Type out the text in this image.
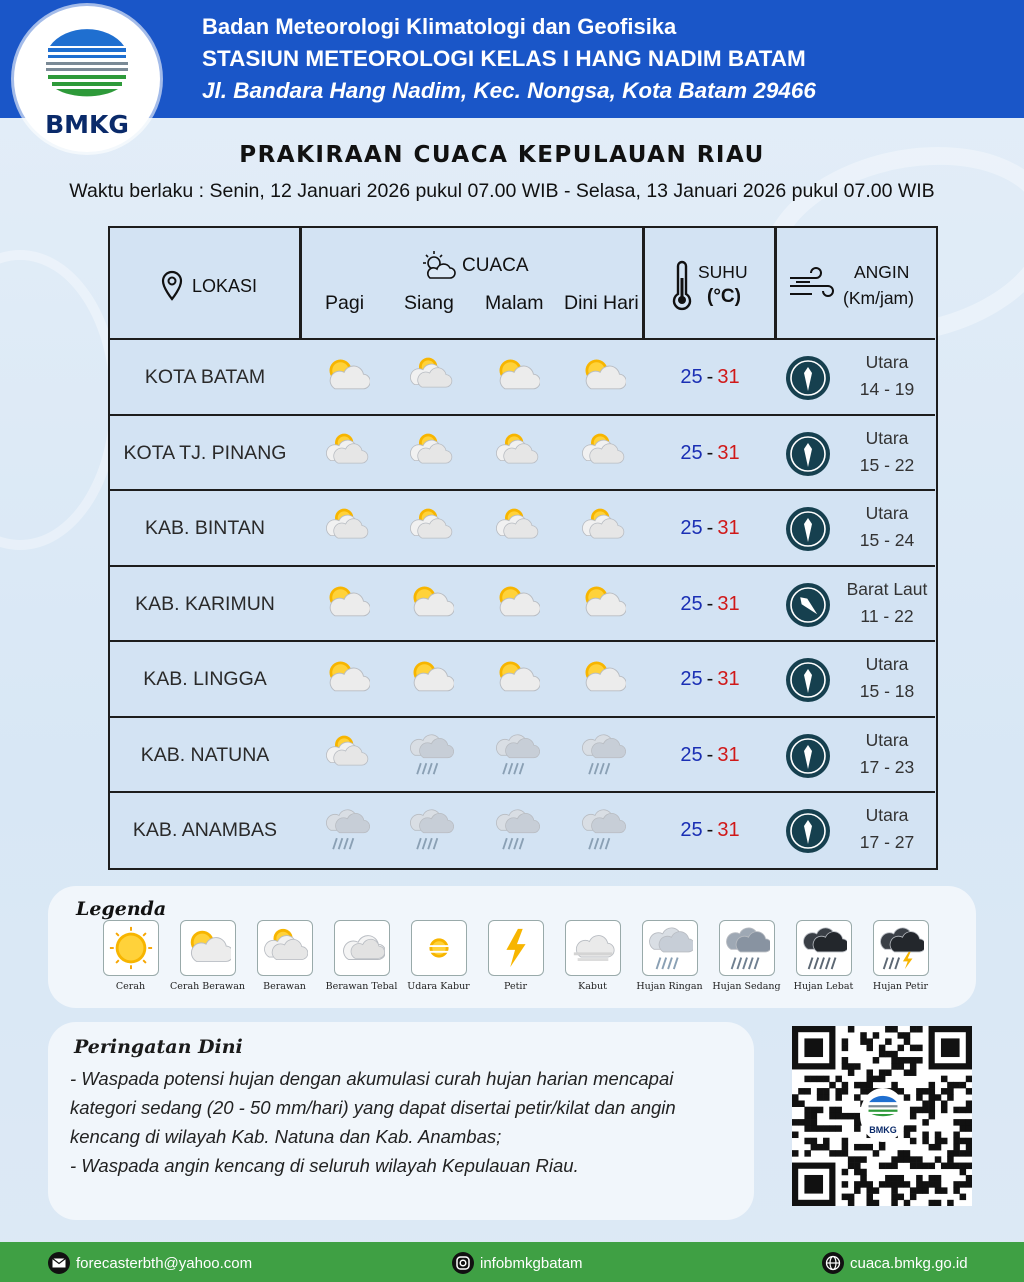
Badan Meteorologi Klimatologi dan Geofisika
STASIUN METEOROLOGI KELAS I HANG NADIM BATAM
Jl. Bandara Hang Nadim, Kec. Nongsa, Kota Batam 29466
BMKG
PRAKIRAAN CUACA KEPULAUAN RIAU
Waktu berlaku : Senin, 12 Januari 2026 pukul 07.00 WIB - Selasa, 13 Januari 2026 pukul 07.00 WIB
LOKASI
CUACA
Pagi Siang Malam Dini Hari
SUHU
(°C)
ANGIN
(Km/jam)
KOTA BATAM	25 - 31
Utara
14 - 19
KOTA TJ. PINANG	25 - 31
Utara
15 - 22
KAB. BINTAN	25 - 31
Utara
15 - 24
KAB. KARIMUN	25 - 31
Barat Laut
11 - 22
KAB. LINGGA	25 - 31
Utara
15 - 18
KAB. NATUNA	25 - 31
Utara
17 - 23
KAB. ANAMBAS	25 - 31
Utara
17 - 27
Legenda
Cerah	Cerah Berawan	Berawan	Berawan Tebal	Udara Kabur	Petir	Kabut	Hujan Ringan	Hujan Sedang	Hujan Lebat	Hujan Petir
Peringatan Dini
- Waspada potensi hujan dengan akumulasi curah hujan harian mencapai
kategori sedang (20 - 50 mm/hari) yang dapat disertai petir/kilat dan angin
kencang di wilayah Kab. Natuna dan Kab. Anambas;
- Waspada angin kencang di seluruh wilayah Kepulauan Riau.
BMKG
forecasterbth@yahoo.com	infobmkgbatam	cuaca.bmkg.go.id
